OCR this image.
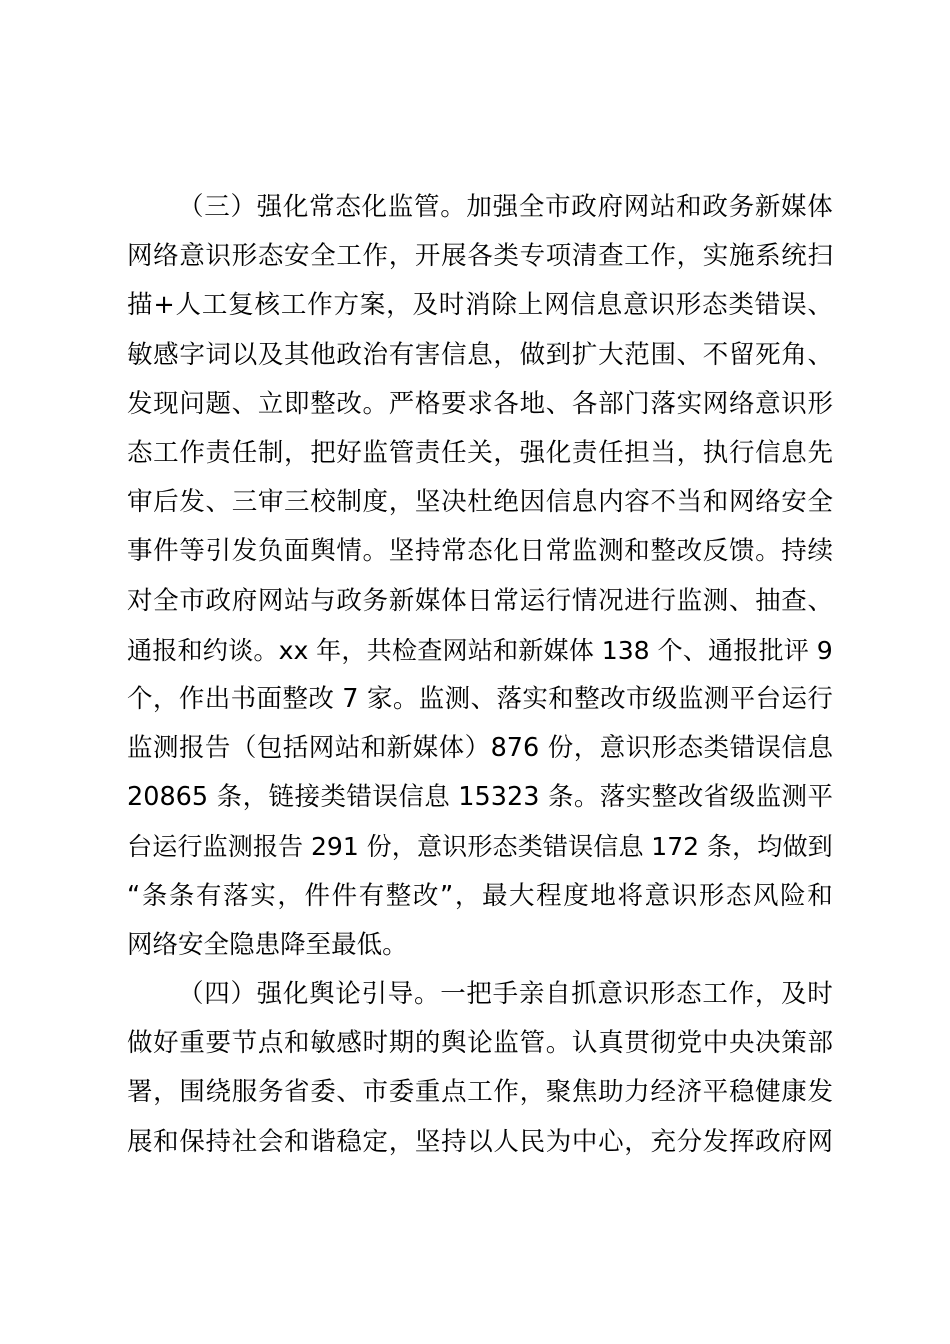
（ 三 ） 强 化 常 态 化 监 管 。 加 强 全 市 政 府 网 站 和 政 务 新 媒 体
网 络 意 识 形 态 安 全 工 作 ， 开 展 各 类 专 项 清 查 工 作 ， 实 施 系 统 扫
描 + 人 工 复 核 工 作 方 案 ， 及 时 消 除 上 网 信 息 意 识 形 态 类 错 误 、
敏 感 字 词 以 及 其 他 政 治 有 害 信 息 ， 做 到 扩 大 范 围 、 不 留 死 角 、
发 现 问 题 、 立 即 整 改 。 严 格 要 求 各 地 、 各 部 门 落 实 网 络 意 识 形
态 工 作 责 任 制 ， 把 好 监 管 责 任 关 ， 强 化 责 任 担 当 ， 执 行 信 息 先
审 后 发 、 三 审 三 校 制 度 ， 坚 决 杜 绝 因 信 息 内 容 不 当 和 网 络 安 全
事 件 等 引 发 负 面 舆 情 。 坚 持 常 态 化 日 常 监 测 和 整 改 反 馈 。 持 续
对 全 市 政 府 网 站 与 政 务 新 媒 体 日 常 运 行 情 况 进 行 监 测 、 抽 查 、
通 报 和 约 谈 。 xx
年 ， 共 检 查 网 站 和 新 媒 体
138
个 、 通 报 批 评
9
个 ， 作 出 书 面 整 改
7
家 。 监 测 、 落 实 和 整 改 市 级 监 测 平 台 运 行
监 测 报 告 （ 包 括 网 站 和 新 媒 体 ） 876
份 ， 意 识 形 态 类 错 误 信 息
20865
条 ， 链 接 类 错 误 信 息
15323
条 。 落 实 整 改 省 级 监 测 平
台 运 行 监 测 报 告
291
份 ， 意 识 形 态 类 错 误 信 息
172
条 ， 均 做 到
“ 条 条 有 落 实 ， 件 件 有 整 改 ” ， 最 大 程 度 地 将 意 识 形 态 风 险 和
网 络 安 全 隐 患 降 至 最 低 。
（ 四 ） 强 化 舆 论 引 导 。 一 把 手 亲 自 抓 意 识 形 态 工 作 ， 及 时
做 好 重 要 节 点 和 敏 感 时 期 的 舆 论 监 管 。 认 真 贯 彻 党 中 央 决 策 部
署 ， 围 绕 服 务 省 委 、 市 委 重 点 工 作 ， 聚 焦 助 力 经 济 平 稳 健 康 发
展 和 保 持 社 会 和 谐 稳 定 ， 坚 持 以 人 民 为 中 心 ， 充 分 发 挥 政 府 网
